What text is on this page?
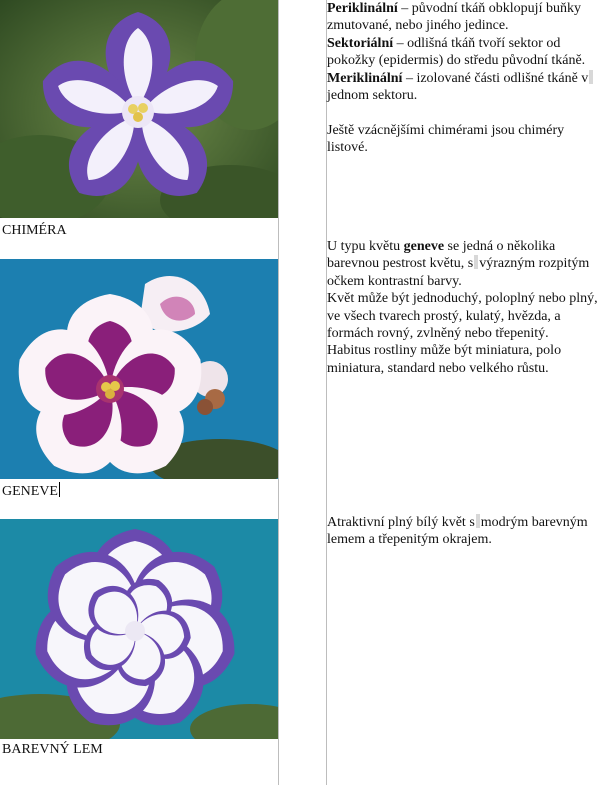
CHIMÉRA
GENEVE
BAREVNÝ LEM

Periklinální – původní tkáň obklopují buňky zmutované, nebo jiného jedince.

Sektoriální – odlišná tkáň tvoří sektor od pokožky (epidermis) do středu původní tkáně.

Meriklinální – izolované části odlišné tkáně vjednom sektoru.

Ještě vzácnějšími chimérami jsou chiméry listové.

U typu květu geneve se jedná o několika barevnou pestrost květu, s výrazným rozpitým očkem kontrastní barvy.

Květ může být jednoduchý, poloplný nebo plný, ve všech tvarech prostý, kulatý, hvězda, a formách rovný, zvlněný nebo třepenitý.

Habitus rostliny může být miniatura, polo miniatura, standard nebo velkého růstu.

Atraktivní plný bílý květ s modrým barevným lemem a třepenitým okrajem.
